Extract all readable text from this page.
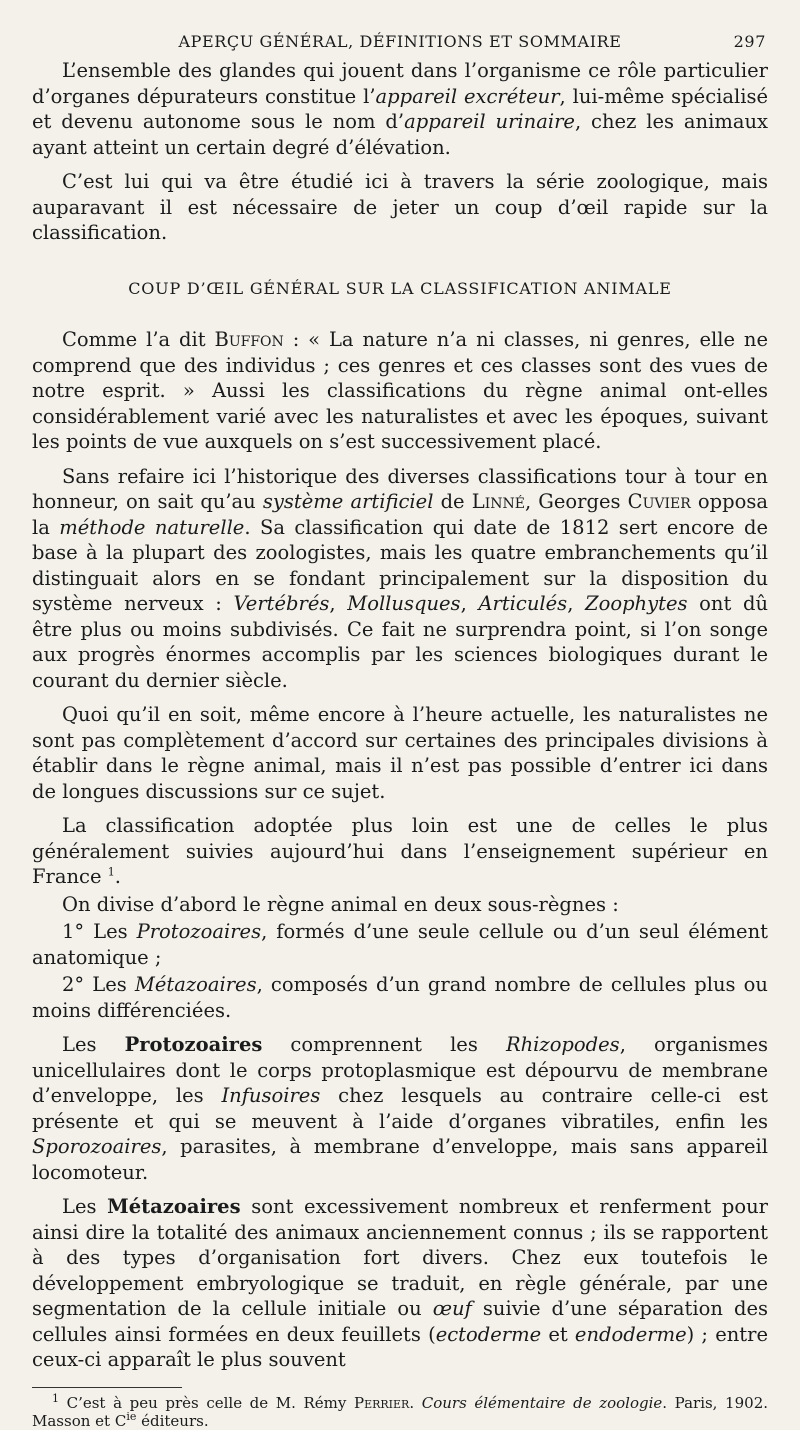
APERÇU GÉNÉRAL, DÉFINITIONS ET SOMMAIRE	297

L’ensemble des glandes qui jouent dans l’organisme ce rôle particulier d’organes dépurateurs constitue l’appareil excréteur, lui-même spécialisé et devenu autonome sous le nom d’appareil urinaire, chez les animaux ayant atteint un certain degré d’élévation.

C’est lui qui va être étudié ici à travers la série zoologique, mais auparavant il est nécessaire de jeter un coup d’œil rapide sur la classification.

COUP D’ŒIL GÉNÉRAL SUR LA CLASSIFICATION ANIMALE

Comme l’a dit Buffon : « La nature n’a ni classes, ni genres, elle ne comprend que des individus ; ces genres et ces classes sont des vues de notre esprit. » Aussi les classifications du règne animal ont-elles considérablement varié avec les naturalistes et avec les époques, suivant les points de vue auxquels on s’est successivement placé.

Sans refaire ici l’historique des diverses classifications tour à tour en honneur, on sait qu’au système artificiel de Linné, Georges Cuvier opposa la méthode naturelle. Sa classification qui date de 1812 sert encore de base à la plupart des zoologistes, mais les quatre embranchements qu’il distinguait alors en se fondant principalement sur la disposition du système nerveux : Vertébrés, Mollusques, Articulés, Zoophytes ont dû être plus ou moins subdivisés. Ce fait ne surprendra point, si l’on songe aux progrès énormes accomplis par les sciences biologiques durant le courant du dernier siècle.

Quoi qu’il en soit, même encore à l’heure actuelle, les naturalistes ne sont pas complètement d’accord sur certaines des principales divisions à établir dans le règne animal, mais il n’est pas possible d’entrer ici dans de longues discussions sur ce sujet.

La classification adoptée plus loin est une de celles le plus généralement suivies aujourd’hui dans l’enseignement supérieur en France $^1$.

On divise d’abord le règne animal en deux sous-règnes :

1° Les Protozoaires, formés d’une seule cellule ou d’un seul élément anatomique ;

2° Les Métazoaires, composés d’un grand nombre de cellules plus ou moins différenciées.

Les Protozoaires comprennent les Rhizopodes, organismes unicellulaires dont le corps protoplasmique est dépourvu de membrane d’enveloppe, les Infusoires chez lesquels au contraire celle-ci est présente et qui se meuvent à l’aide d’organes vibratiles, enfin les Sporozoaires, parasites, à membrane d’enveloppe, mais sans appareil locomoteur.

Les Métazoaires sont excessivement nombreux et renferment pour ainsi dire la totalité des animaux anciennement connus ; ils se rapportent à des types d’organisation fort divers. Chez eux toutefois le développement embryologique se traduit, en règle générale, par une segmentation de la cellule initiale ou œuf suivie d’une séparation des cellules ainsi formées en deux feuillets (ectoderme et endoderme) ; entre ceux-ci apparaît le plus souvent

$^1$ C’est à peu près celle de M. Rémy Perrier. Cours élémentaire de zoologie. Paris, 1902. Masson et $C^{ie}$ éditeurs.
